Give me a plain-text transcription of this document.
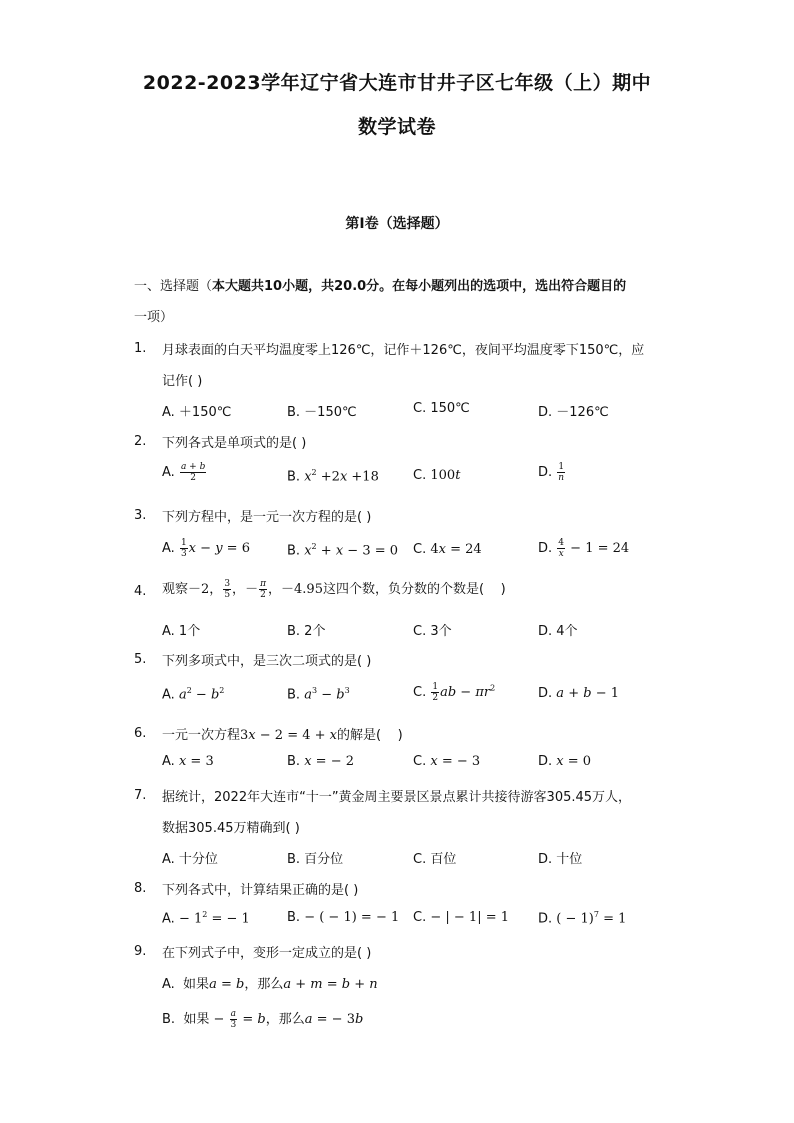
2022-2023学年辽宁省大连市甘井子区七年级（上）期中
数学试卷
第Ⅰ卷（选择题）
一、选择题（本大题共10小题，共20.0分。在每小题列出的选项中，选出符合题目的
一项）
1. 月球表面的白天平均温度零上126℃，记作＋126℃，夜间平均温度零下150℃，应
记作( )
A. ＋150℃	B. －150℃	C. 150℃	D. －126℃
2. 下列各式是单项式的是( )
A. $\frac{a + b}{2}$	B. $x^2 +2x +18$	C. 100t	D. $\frac{1}{n}$
3. 下列方程中，是一元一次方程的是( )
A. $\frac{1}{3}$ x − y = 6	B. $x^2 + x - 3 = 0$ C. 4x = 24	D. $\frac{4}{x} - 1 = 24$
4. 观察－2， $\frac{3}{5}$ ，－ $\frac{\pi}{2}$ ，－4.95这四个数，负分数的个数是(    )
A. 1个	B. 2个	C. 3个	D. 4个
5. 下列多项式中，是三次二项式的是( )
A. $a^2 - b^2$	B. $a^3 - b^3$	C. $\frac{1}{2}$ ab − $\pi r^2$	D. a + b − 1
6. 一元一次方程3x − 2 = 4 + x的解是(    )
A. x = 3	B. x = − 2	C. x = − 3	D. x = 0
7. 据统计，2022年大连市“十一”黄金周主要景区景点累计共接待游客305.45万人，
数据305.45万精确到( )
A. 十分位	B. 百分位	C. 百位	D. 十位
8. 下列各式中，计算结果正确的是( )
A. − $1^2$ = − 1	B. − ( − 1) = − 1 C. − | − 1| = 1 D. ( − 1)$^7$ = 1
9. 在下列式子中，变形一定成立的是( )
A.  如果a = b，那么a + m = b + n
B.  如果 − $\frac{a}{3} = b$，那么a = − 3b
